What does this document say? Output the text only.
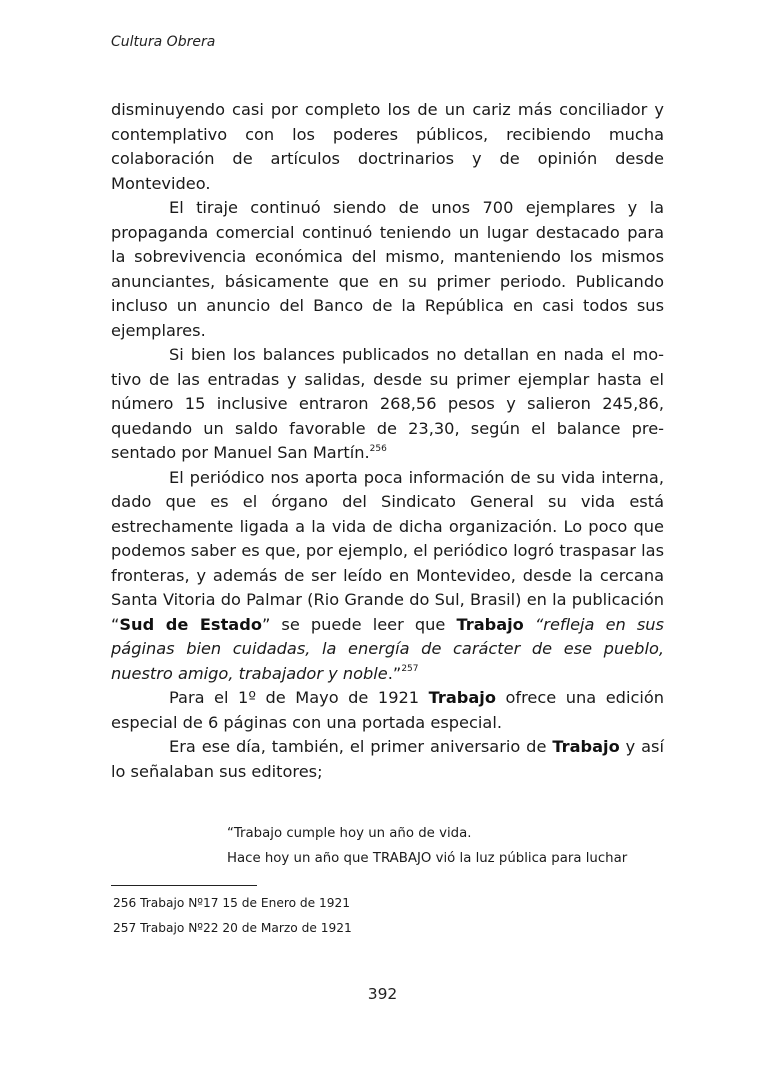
Cultura Obrera

disminuyendo casi por completo los de un cariz más conciliador y contemplativo con los poderes públicos, recibiendo mucha colaboración de artículos doctrinarios y de opinión desde Montevideo.

El tiraje continuó siendo de unos 700 ejemplares y la propaganda comercial continuó teniendo un lugar destacado para la sobrevivencia económica del mismo, manteniendo los mismos anunciantes, básicamente que en su primer periodo. Publicando incluso un anuncio del Banco de la República en casi todos sus ejemplares.

Si bien los balances publicados no detallan en nada el motivo de las entradas y salidas, desde su primer ejemplar hasta el número 15 inclusive entraron 268,56 pesos y salieron 245,86, quedando un saldo favorable de 23,30, según el balance presentado por Manuel San Martín.$^{256}$

El periódico nos aporta poca información de su vida interna, dado que es el órgano del Sindicato General su vida está estrechamente ligada a la vida de dicha organización. Lo poco que podemos saber es que, por ejemplo, el periódico logró traspasar las fronteras, y además de ser leído en Montevideo, desde la cercana Santa Vitoria do Palmar (Rio Grande do Sul, Brasil) en la publicación “Sud de Estado” se puede leer que Trabajo “refleja en sus páginas bien cuidadas, la energía de carácter de ese pueblo, nuestro amigo, trabajador y noble.”$^{257}$

Para el 1º de Mayo de 1921 Trabajo ofrece una edición especial de 6 páginas con una portada especial.

Era ese día, también, el primer aniversario de Trabajo y así lo señalaban sus editores;

“Trabajo cumple hoy un año de vida.

Hace hoy un año que TRABAJO vió la luz pública para luchar

256 Trabajo Nº17 15 de Enero de 1921

257 Trabajo Nº22 20 de Marzo de 1921

392
